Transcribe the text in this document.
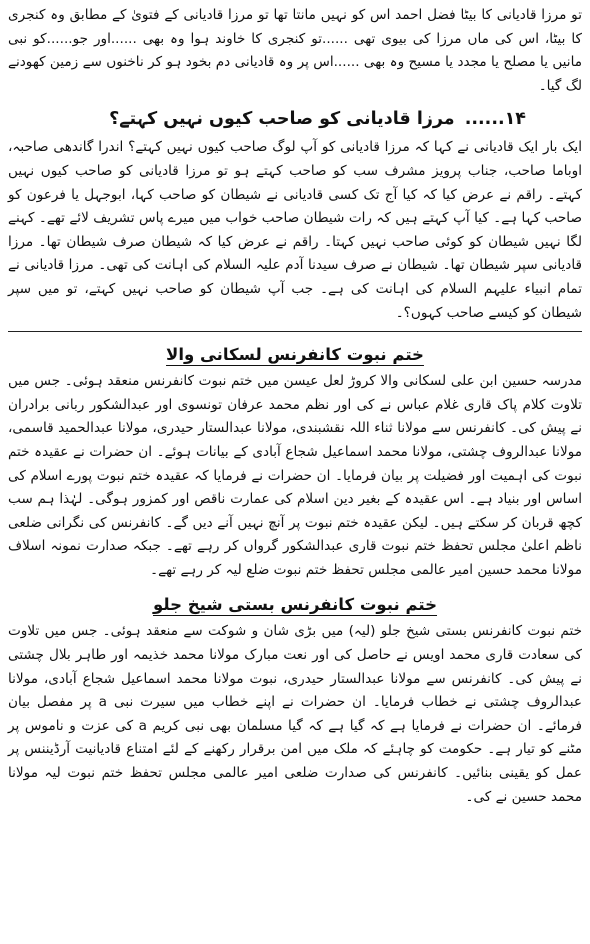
تو مرزا قادیانی کا بیٹا فضل احمد اس کو نہیں مانتا تھا تو مرزا قادیانی کے فتویٰ کے مطابق وہ کنجری کا بیٹا، اس کی ماں مرزا کی بیوی تھی ......تو کنجری کا خاوند ہوا وہ بھی ......اور جو......کو نبی مانیں یا مصلح یا مجدد یا مسیح وہ بھی ......اس پر وہ قادیانی دم بخود ہو کر ناخنوں سے زمین کھودنے لگ گیا۔

۱۴...... مرزا قادیانی کو صاحب کیوں نہیں کہتے؟

ایک بار ایک قادیانی نے کہا کہ مرزا قادیانی کو آپ لوگ صاحب کیوں نہیں کہتے؟ اندرا گاندھی صاحبہ، اوباما صاحب، جناب پرویز مشرف سب کو صاحب کہتے ہو تو مرزا قادیانی کو صاحب کیوں نہیں کہتے۔ راقم نے عرض کیا کہ کیا آج تک کسی قادیانی نے شیطان کو صاحب کہا، ابوجہل یا فرعون کو صاحب کہا ہے۔ کیا آپ کہتے ہیں کہ رات شیطان صاحب خواب میں میرے پاس تشریف لائے تھے۔ کہنے لگا نہیں شیطان کو کوئی صاحب نہیں کہتا۔ راقم نے عرض کیا کہ شیطان صرف شیطان تھا۔ مرزا قادیانی سپر شیطان تھا۔ شیطان نے صرف سیدنا آدم علیہ السلام کی اہانت کی تھی۔ مرزا قادیانی نے تمام انبیاء علیہم السلام کی اہانت کی ہے۔ جب آپ شیطان کو صاحب نہیں کہتے، تو میں سپر شیطان کو کیسے صاحب کہوں؟۔

ختم نبوت کانفرنس لسکانی والا

مدرسہ حسین ابن علی لسکانی والا کروڑ لعل عیسن میں ختم نبوت کانفرنس منعقد ہوئی۔ جس میں تلاوت کلام پاک قاری غلام عباس نے کی اور نظم محمد عرفان تونسوی اور عبدالشکور ربانی برادران نے پیش کی۔ کانفرنس سے مولانا ثناء اللہ نقشبندی، مولانا عبدالستار حیدری، مولانا عبدالحمید قاسمی، مولانا عبدالروف چشتی، مولانا محمد اسماعیل شجاع آبادی کے بیانات ہوئے۔ ان حضرات نے عقیدہ ختم نبوت کی اہمیت اور فضیلت پر بیان فرمایا۔ ان حضرات نے فرمایا کہ عقیدہ ختم نبوت پورے اسلام کی اساس اور بنیاد ہے۔ اس عقیدہ کے بغیر دین اسلام کی عمارت ناقص اور کمزور ہوگی۔ لہٰذا ہم سب کچھ قربان کر سکتے ہیں۔ لیکن عقیدہ ختم نبوت پر آنچ نہیں آنے دیں گے۔ کانفرنس کی نگرانی ضلعی ناظم اعلیٰ مجلس تحفظ ختم نبوت قاری عبدالشکور گرواں کر رہے تھے۔ جبکہ صدارت نمونہ اسلاف مولانا محمد حسین امیر عالمی مجلس تحفظ ختم نبوت ضلع لیہ کر رہے تھے۔

ختم نبوت کانفرنس بستی شیخ جلو

ختم نبوت کانفرنس بستی شیخ جلو (لیہ) میں بڑی شان و شوکت سے منعقد ہوئی۔ جس میں تلاوت کی سعادت قاری محمد اویس نے حاصل کی اور نعت مبارک مولانا محمد خذیمہ اور طاہر بلال چشتی نے پیش کی۔ کانفرنس سے مولانا عبدالستار حیدری، نبوت مولانا محمد اسماعیل شجاع آبادی، مولانا عبدالروف چشتی نے خطاب فرمایا۔ ان حضرات نے اپنے خطاب میں سیرت نبی a پر مفصل بیان فرمائے۔ ان حضرات نے فرمایا ہے کہ گیا ہے کہ گیا مسلمان بھی نبی کریم a کی عزت و ناموس پر مٹنے کو تیار ہے۔ حکومت کو چاہئے کہ ملک میں امن برقرار رکھنے کے لئے امتناع قادیانیت آرڈیننس پر عمل کو یقینی بنائیں۔ کانفرنس کی صدارت ضلعی امیر عالمی مجلس تحفظ ختم نبوت لیہ مولانا محمد حسین نے کی۔
